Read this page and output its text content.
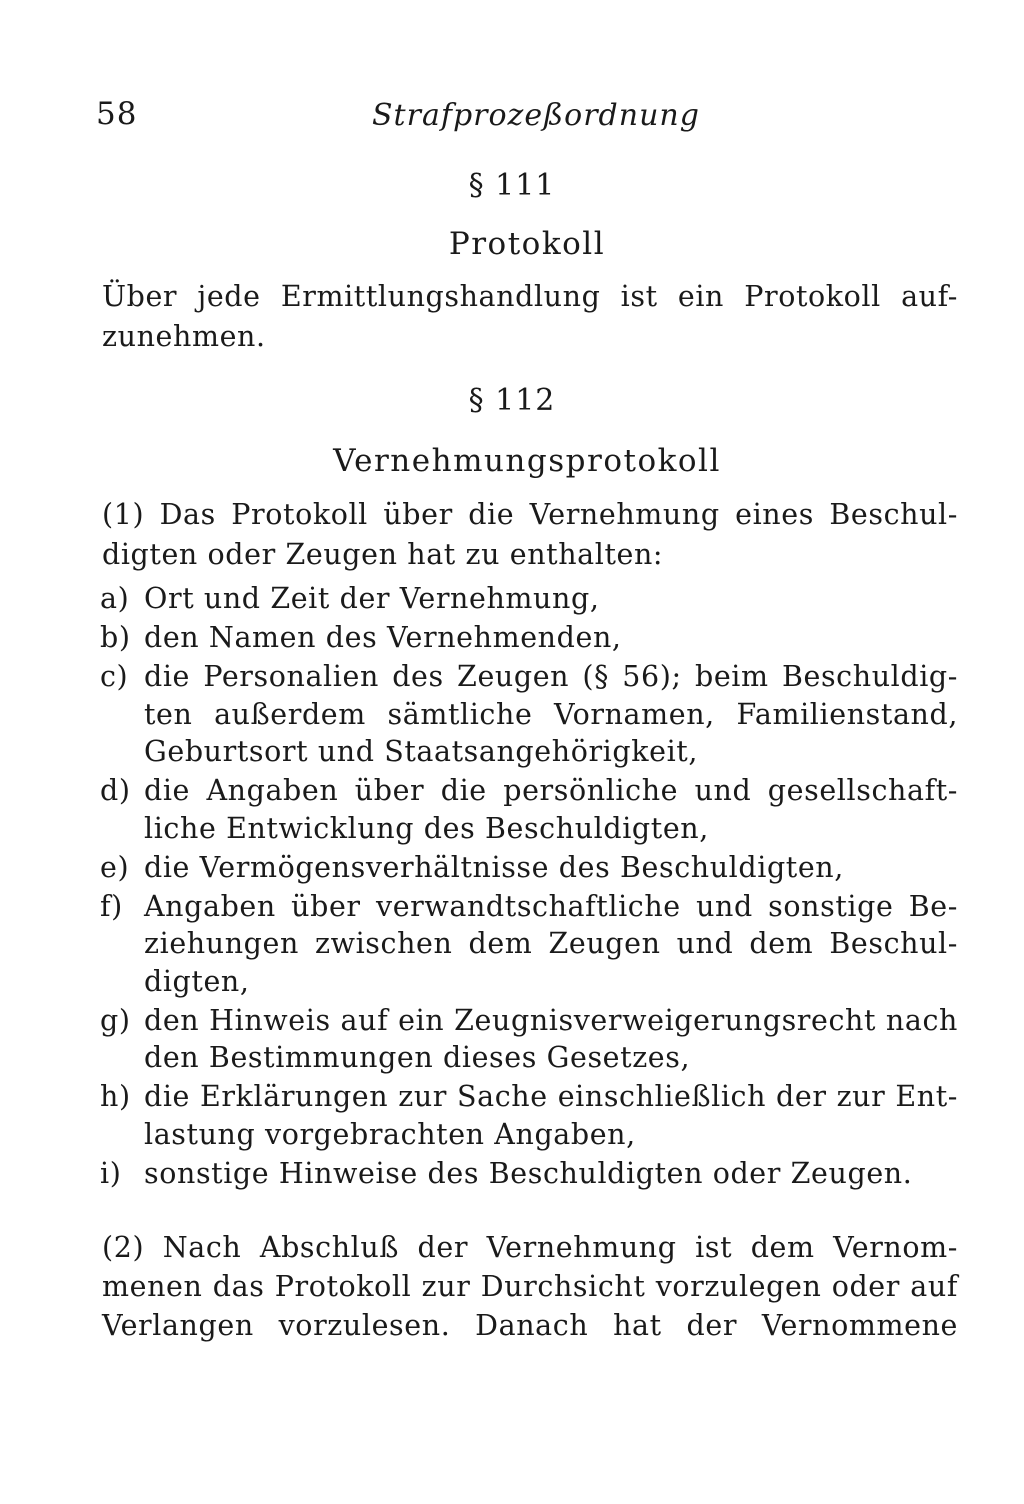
58	Strafprozeßordnung
§ 111
Protokoll
Über jede Ermittlungshandlung ist ein Protokoll auf-
zunehmen.
§ 112
Vernehmungsprotokoll
(1) Das Protokoll über die Vernehmung eines Beschul-
digten oder Zeugen hat zu enthalten:
a) Ort und Zeit der Vernehmung,
b) den Namen des Vernehmenden,
c) die Personalien des Zeugen (§ 56); beim Beschuldig-
ten außerdem sämtliche Vornamen, Familienstand,
Geburtsort und Staatsangehörigkeit,
d) die Angaben über die persönliche und gesellschaft-
liche Entwicklung des Beschuldigten,
e) die Vermögensverhältnisse des Beschuldigten,
f) Angaben über verwandtschaftliche und sonstige Be-
ziehungen zwischen dem Zeugen und dem Beschul-
digten,
g) den Hinweis auf ein Zeugnisverweigerungsrecht nach
den Bestimmungen dieses Gesetzes,
h) die Erklärungen zur Sache einschließlich der zur Ent-
lastung vorgebrachten Angaben,
i) sonstige Hinweise des Beschuldigten oder Zeugen.
(2) Nach Abschluß der Vernehmung ist dem Vernom-
menen das Protokoll zur Durchsicht vorzulegen oder auf
Verlangen vorzulesen. Danach hat der Vernommene
